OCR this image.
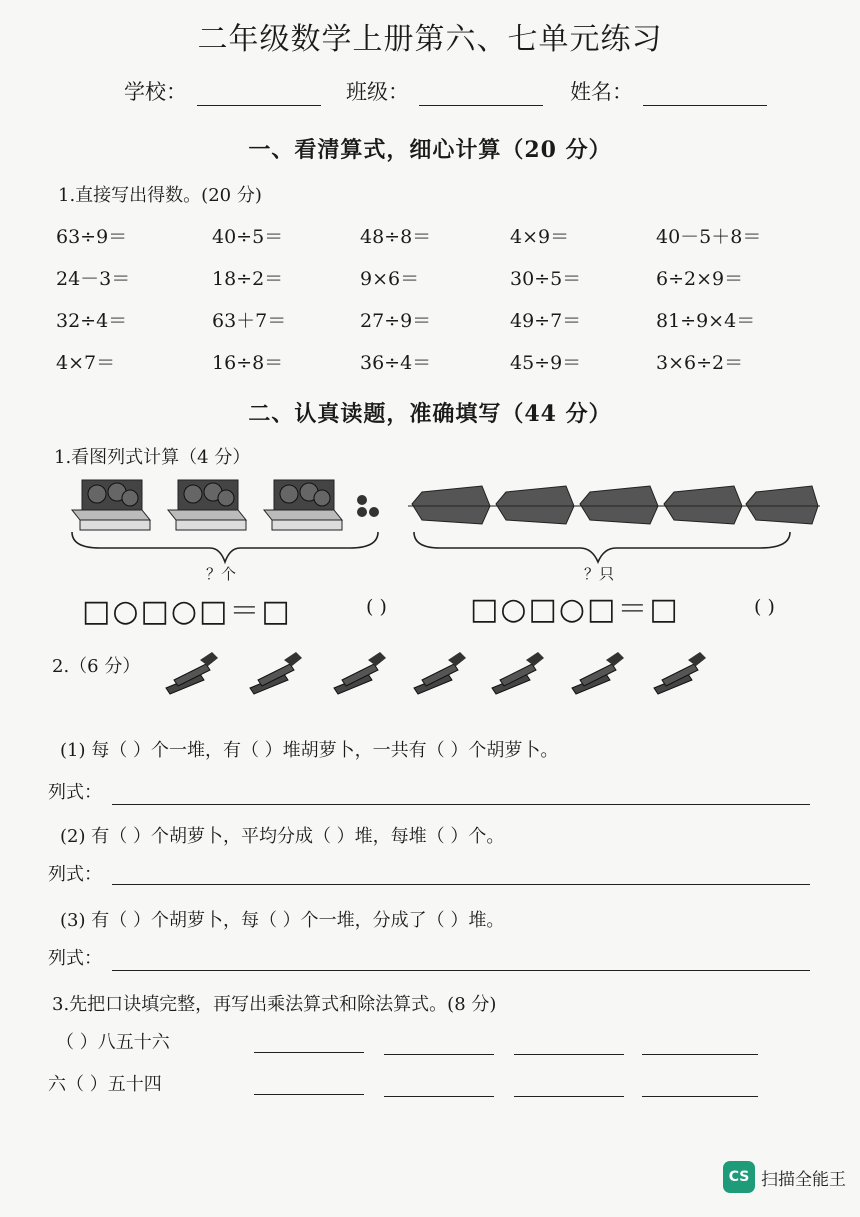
二年级数学上册第六、七单元练习
学校：	班级：	姓名：
一、看清算式，细心计算（20 分）
1.直接写出得数。(20 分)
63÷9＝	40÷5＝	48÷8＝	4×9＝	40－5＋8＝
24－3＝	18÷2＝	9×6＝	30÷5＝	6÷2×9＝
32÷4＝	63＋7＝	27÷9＝	49÷7＝	81÷9×4＝
4×7＝	16÷8＝	36÷4＝	45÷9＝	3×6÷2＝
二、认真读题，准确填写（44 分）
1.看图列式计算（4 分）
？个	？只
□○□○□＝□	( )	□○□○□＝□	( )
2.（6 分）
(1) 每（ ）个一堆，有（ ）堆胡萝卜，一共有（ ）个胡萝卜。
列式：
(2) 有（ ）个胡萝卜，平均分成（ ）堆，每堆（ ）个。
列式：
(3) 有（ ）个胡萝卜，每（ ）个一堆，分成了（ ）堆。
列式：
3.先把口诀填完整，再写出乘法算式和除法算式。(8 分)
（ ）八五十六
六（ ）五十四
CS 扫描全能王
